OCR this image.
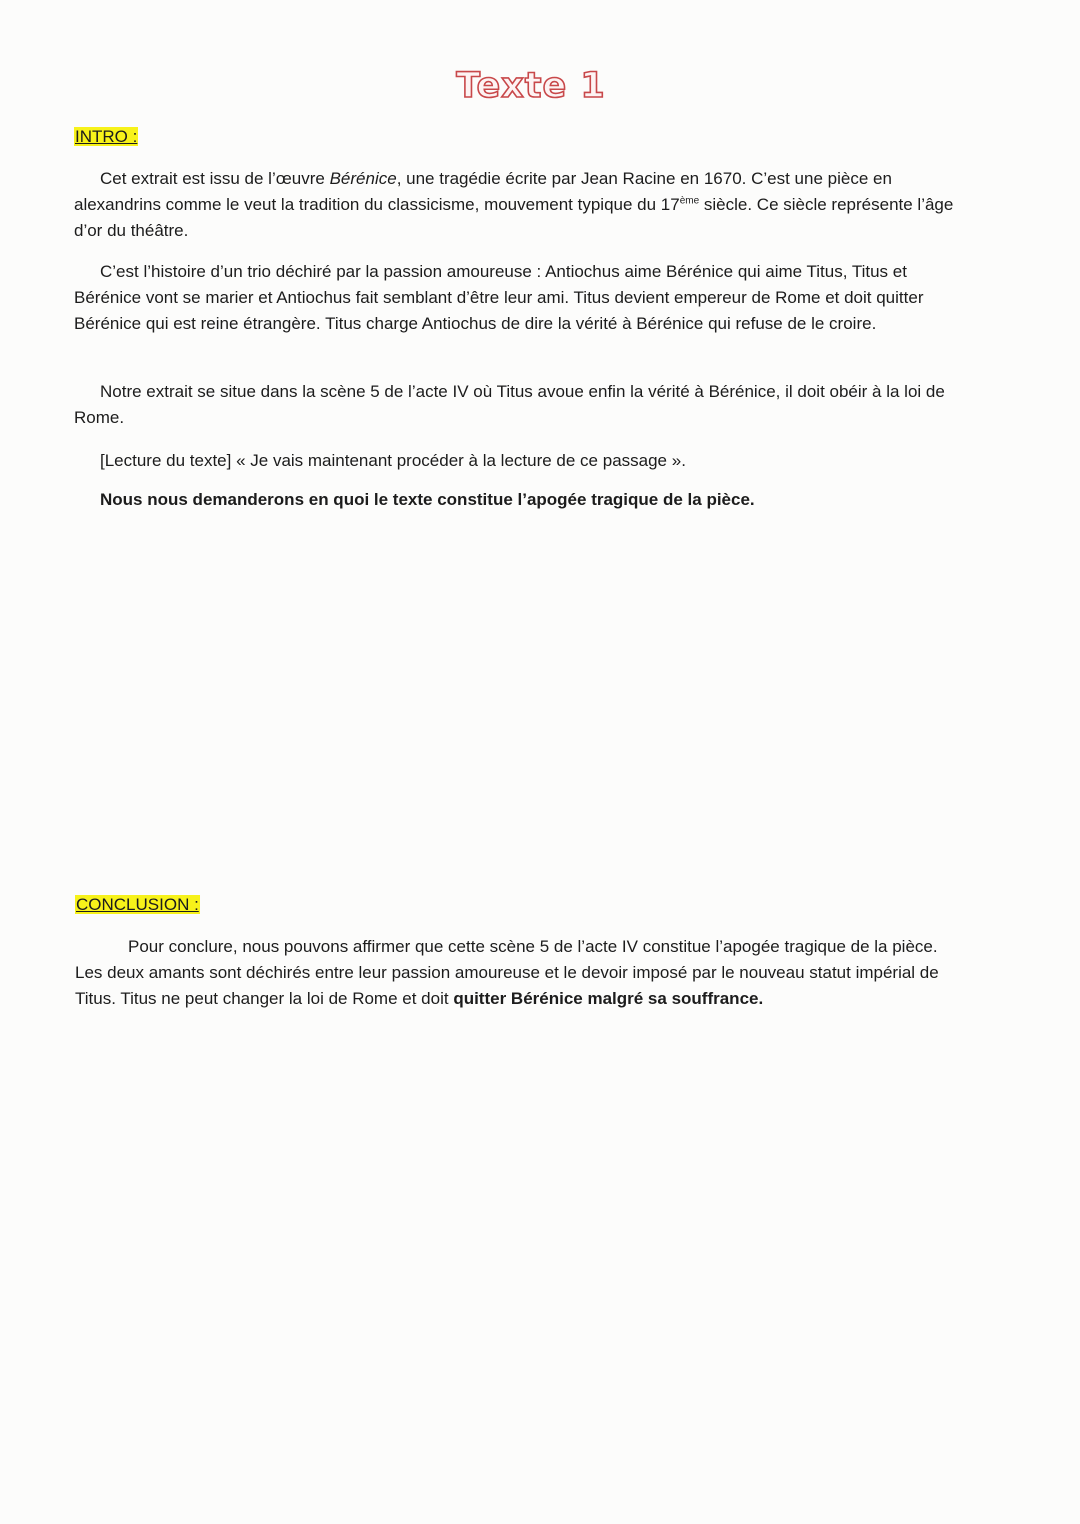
Texte 1

INTRO :

Cet extrait est issu de l’œuvre Bérénice, une tragédie écrite par Jean Racine en 1670. C’est une pièce en alexandrins comme le veut la tradition du classicisme, mouvement typique du 17ème siècle. Ce siècle représente l’âge d’or du théâtre.

C’est l’histoire d’un trio déchiré par la passion amoureuse : Antiochus aime Bérénice qui aime Titus, Titus et Bérénice vont se marier et Antiochus fait semblant d’être leur ami. Titus devient empereur de Rome et doit quitter Bérénice qui est reine étrangère. Titus charge Antiochus de dire la vérité à Bérénice qui refuse de le croire.

Notre extrait se situe dans la scène 5 de l’acte IV où Titus avoue enfin la vérité à Bérénice, il doit obéir à la loi de Rome.

[Lecture du texte] « Je vais maintenant procéder à la lecture de ce passage ».

Nous nous demanderons en quoi le texte constitue l’apogée tragique de la pièce.

CONCLUSION :

Pour conclure, nous pouvons affirmer que cette scène 5 de l’acte IV constitue l’apogée tragique de la pièce. Les deux amants sont déchirés entre leur passion amoureuse et le devoir imposé par le nouveau statut impérial de Titus. Titus ne peut changer la loi de Rome et doit quitter Bérénice malgré sa souffrance.
